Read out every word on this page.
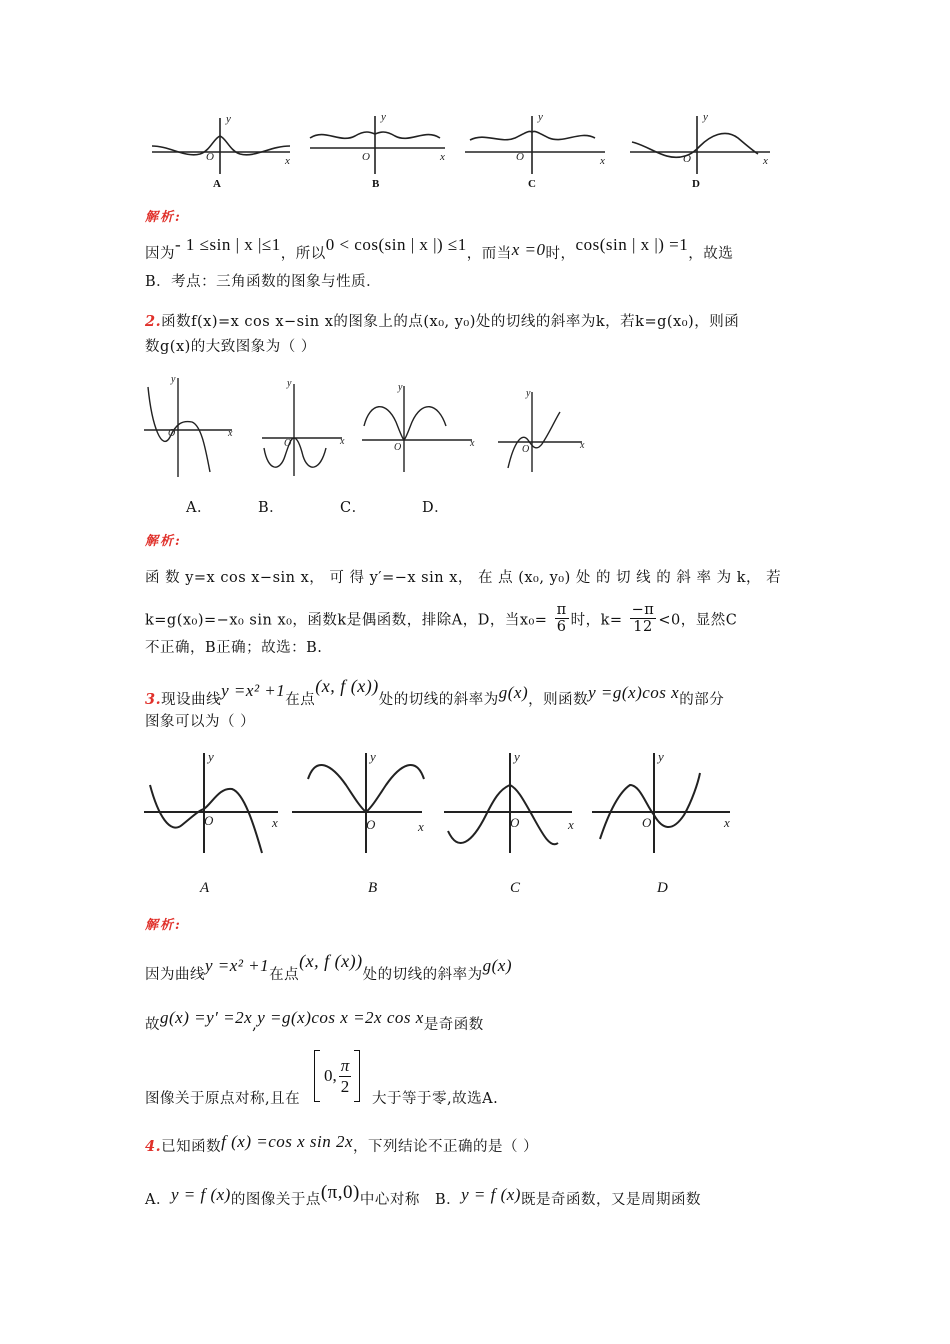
y
x
O
y
x
O
y
x
O
y
x
O
A	B	C	D
解析:
因为- 1 ≤sin | x |≤1，所以0 < cos(sin | x |) ≤1，而当x =0时，cos(sin | x |) =1，故选
B．考点：三角函数的图象与性质．
2.函数f(x)=x cos x−sin x的图象上的点(x₀, y₀)处的切线的斜率为k，若k=g(x₀)，则函
数g(x)的大致图象为（ ）
y
x
O
y
x
O
y
x
O
y
x
O
A．	B．	C．	D．
解析:
函 数 y=x cos x−sin x， 可 得 y′=−x sin x， 在 点 (x₀, y₀) 处 的 切 线 的 斜 率 为 k， 若
k=g(x₀)=−x₀ sin x₀，函数k是偶函数，排除A，D，当$x_0= \frac{\pi}{6}$ 时，$k= \frac{-\pi}{12} <0$，显然C
不正确，B正确；故选：B.
3.现设曲线y =x² +1在点(x, f (x))处的切线的斜率为g(x)，则函数y =g(x)cos x的部分
图象可以为（ ）
y
x
O
y
x
O
y
x
O
y
x
O
A	B	C	D
解析:
因为曲线y =x² +1在点(x, f (x))处的切线的斜率为g(x)
故g(x) =y′ =2x,y =g(x)cos x =2x cos x是奇函数
图像关于原点对称,且在
0,
π
2
大于等于零,故选A.
4.已知函数f (x) =cos x sin 2x，下列结论不正确的是（ ）
A．y = f (x)的图像关于点(π,0)中心对称 B．y = f (x)既是奇函数，又是周期函数
